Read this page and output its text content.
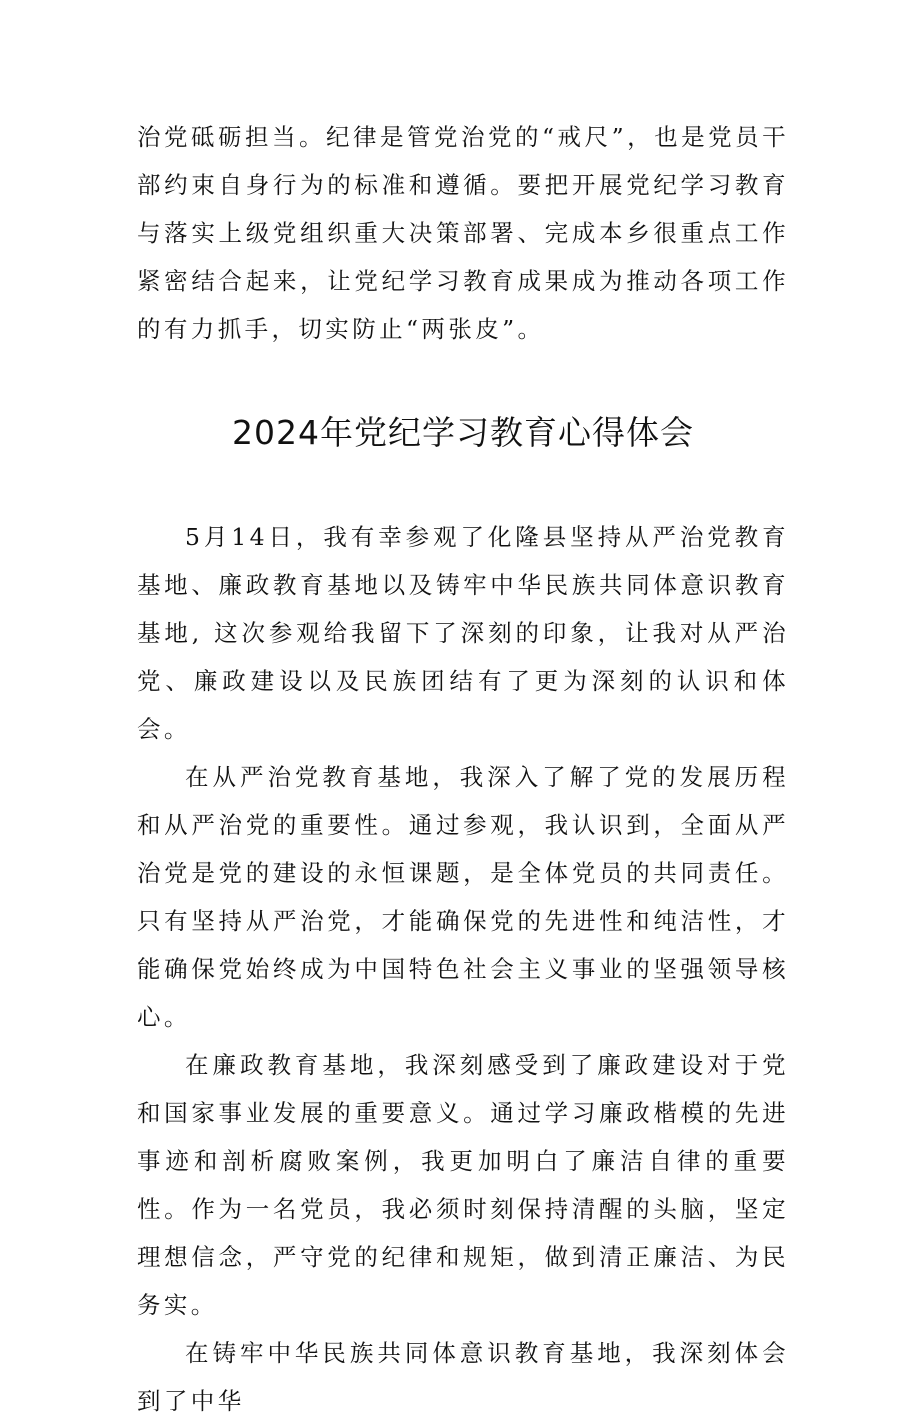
治党砥砺担当。纪律是管党治党的“戒尺”，也是党员干部约束自身行为的标准和遵循。要把开展党纪学习教育与落实上级党组织重大决策部署、完成本乡很重点工作紧密结合起来，让党纪学习教育成果成为推动各项工作的有力抓手，切实防止“两张皮”。

2024年党纪学习教育心得体会

5月14日，我有幸参观了化隆县坚持从严治党教育基地、廉政教育基地以及铸牢中华民族共同体意识教育基地, 这次参观给我留下了深刻的印象，让我对从严治党、廉政建设以及民族团结有了更为深刻的认识和体会。

在从严治党教育基地，我深入了解了党的发展历程和从严治党的重要性。通过参观，我认识到，全面从严治党是党的建设的永恒课题，是全体党员的共同责任。只有坚持从严治党，才能确保党的先进性和纯洁性，才能确保党始终成为中国特色社会主义事业的坚强领导核心。

在廉政教育基地，我深刻感受到了廉政建设对于党和国家事业发展的重要意义。通过学习廉政楷模的先进事迹和剖析腐败案例，我更加明白了廉洁自律的重要性。作为一名党员，我必须时刻保持清醒的头脑，坚定理想信念，严守党的纪律和规矩，做到清正廉洁、为民务实。

在铸牢中华民族共同体意识教育基地，我深刻体会到了中华
